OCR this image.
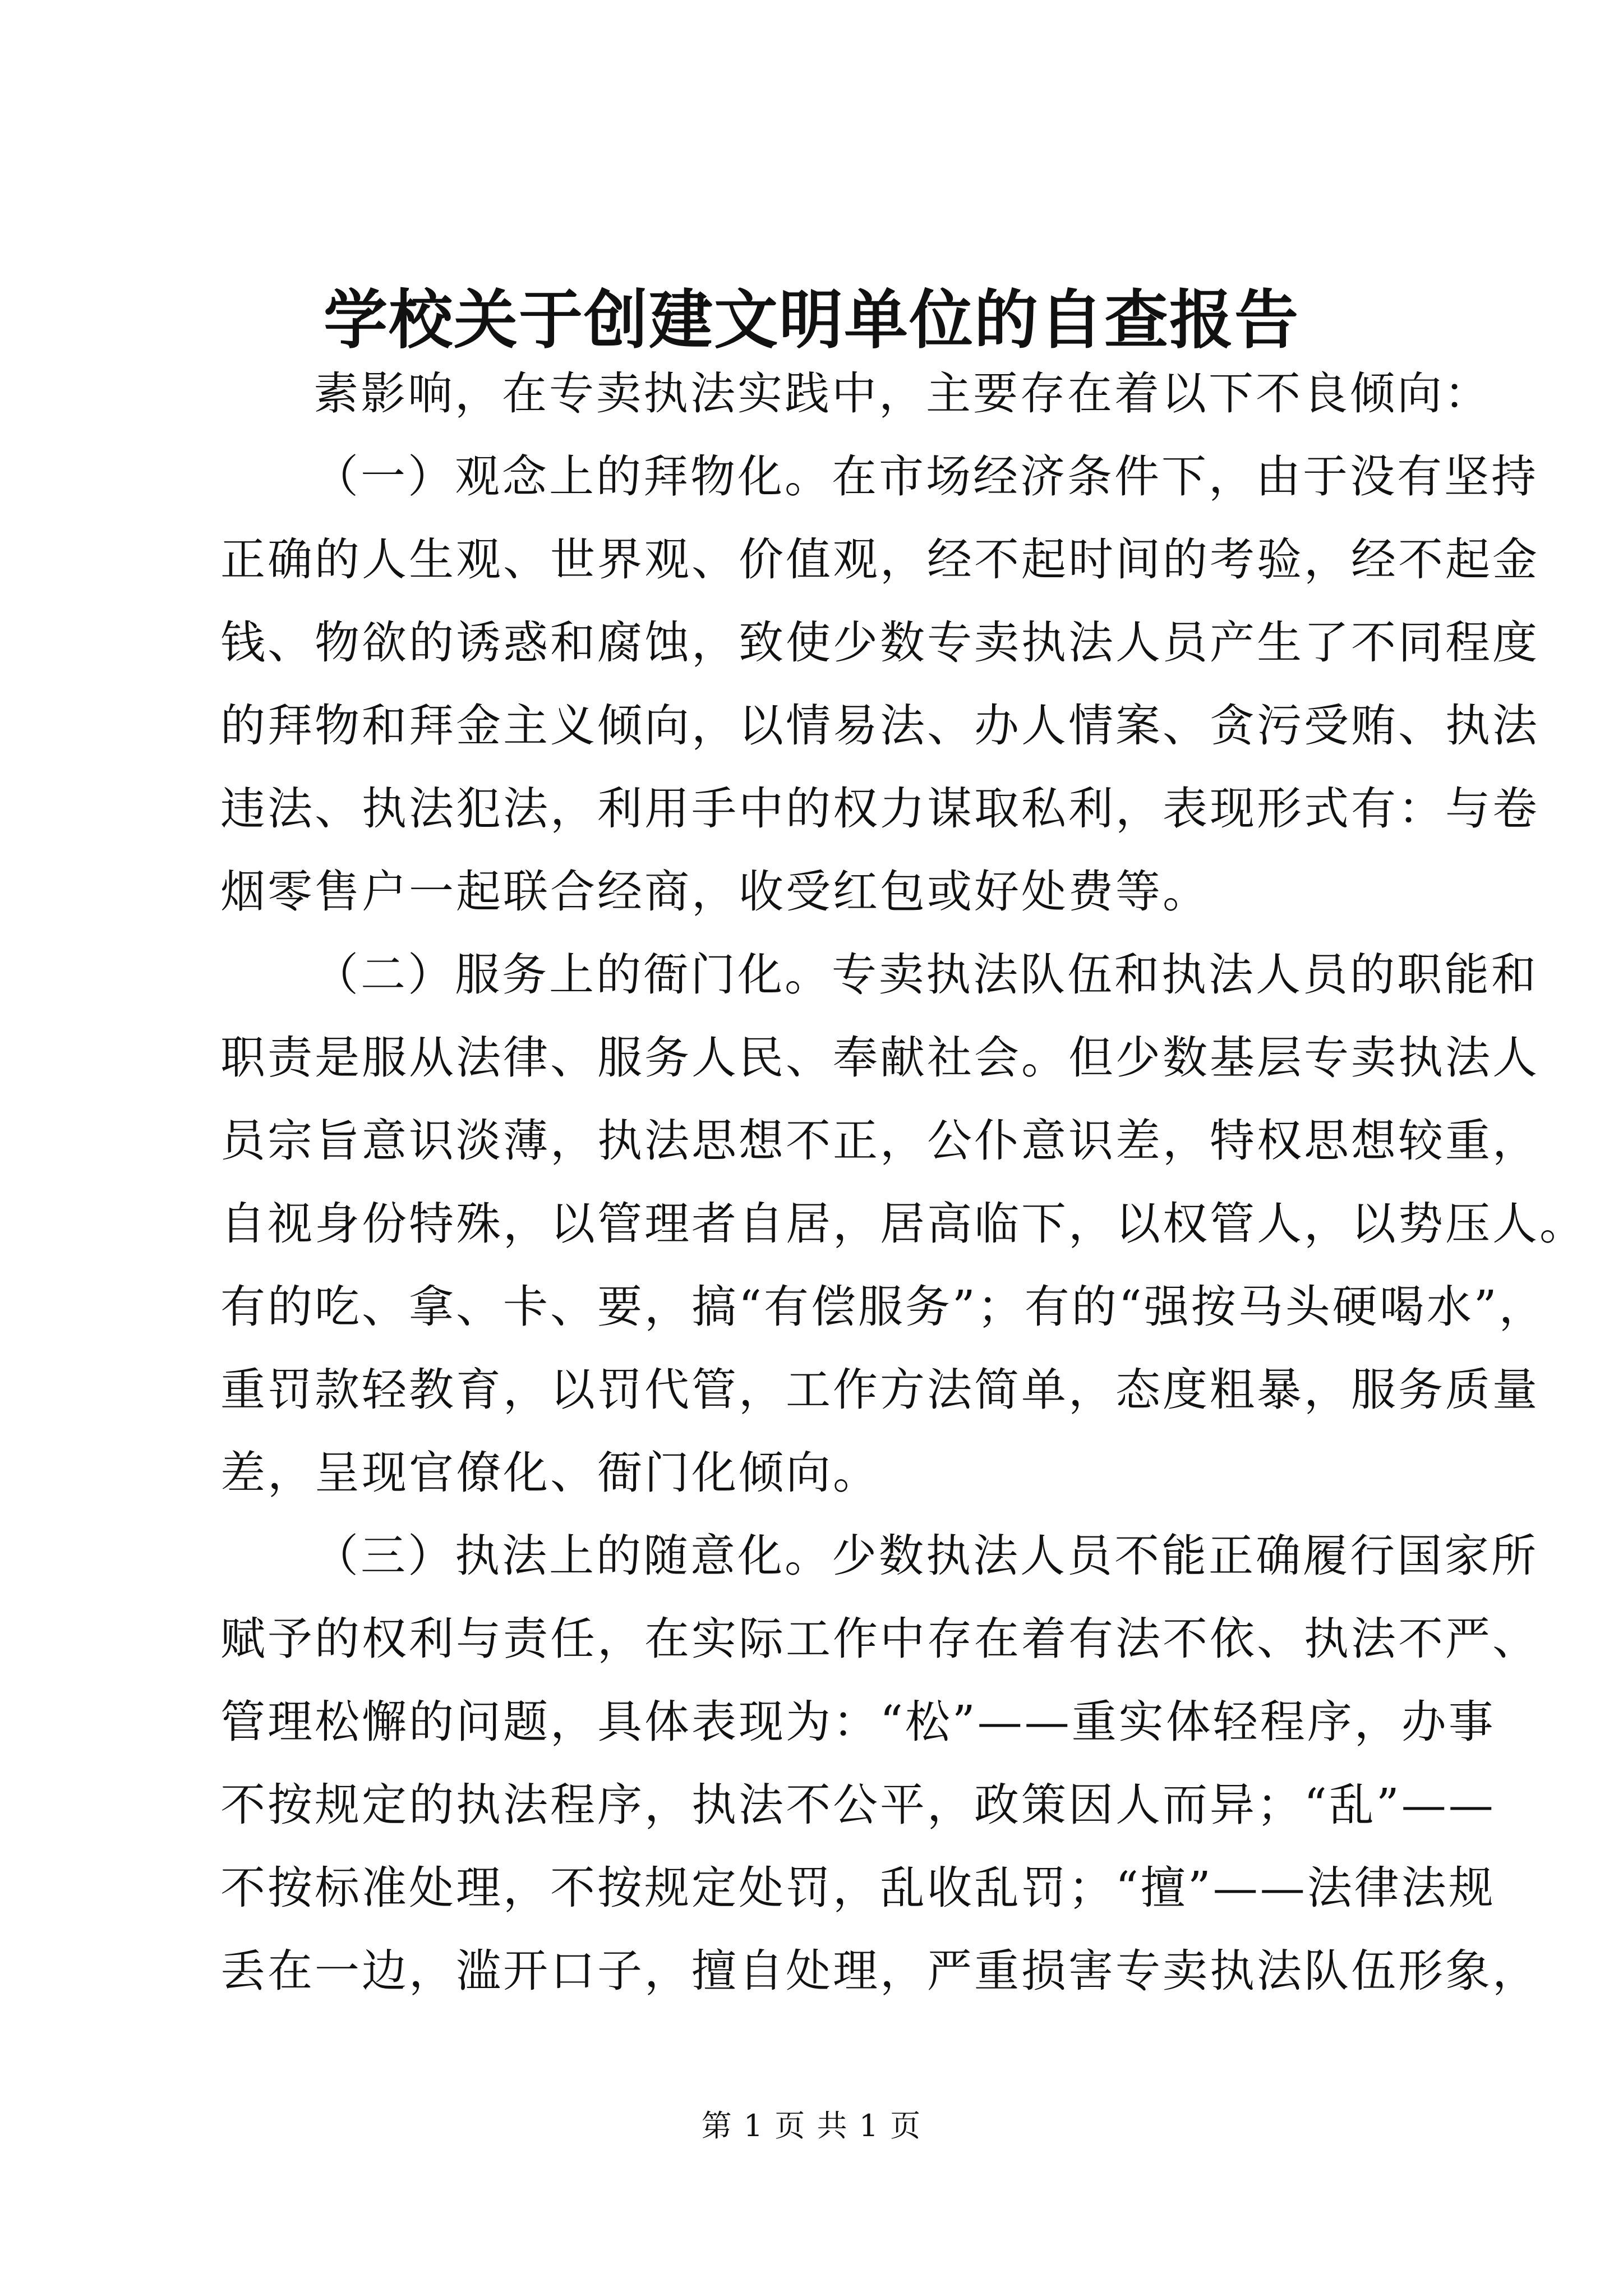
学校关于创建文明单位的自查报告
素影响，在专卖执法实践中，主要存在着以下不良倾向：
（一）观念上的拜物化。在市场经济条件下，由于没有坚持
正确的人生观、世界观、价值观，经不起时间的考验，经不起金
钱、物欲的诱惑和腐蚀，致使少数专卖执法人员产生了不同程度
的拜物和拜金主义倾向，以情易法、办人情案、贪污受贿、执法
违法、执法犯法，利用手中的权力谋取私利，表现形式有：与卷
烟零售户一起联合经商，收受红包或好处费等。
（二）服务上的衙门化。专卖执法队伍和执法人员的职能和
职责是服从法律、服务人民、奉献社会。但少数基层专卖执法人
员宗旨意识淡薄，执法思想不正，公仆意识差，特权思想较重，
自视身份特殊，以管理者自居，居高临下，以权管人，以势压人。
有的吃、拿、卡、要，搞“有偿服务”；有的“强按马头硬喝水”，
重罚款轻教育，以罚代管，工作方法简单，态度粗暴，服务质量
差，呈现官僚化、衙门化倾向。
（三）执法上的随意化。少数执法人员不能正确履行国家所
赋予的权利与责任，在实际工作中存在着有法不依、执法不严、
管理松懈的问题，具体表现为：“松”——重实体轻程序，办事
不按规定的执法程序，执法不公平，政策因人而异；“乱”——
不按标准处理，不按规定处罚，乱收乱罚；“擅”——法律法规
丢在一边，滥开口子，擅自处理，严重损害专卖执法队伍形象，
第 1 页 共 1 页
